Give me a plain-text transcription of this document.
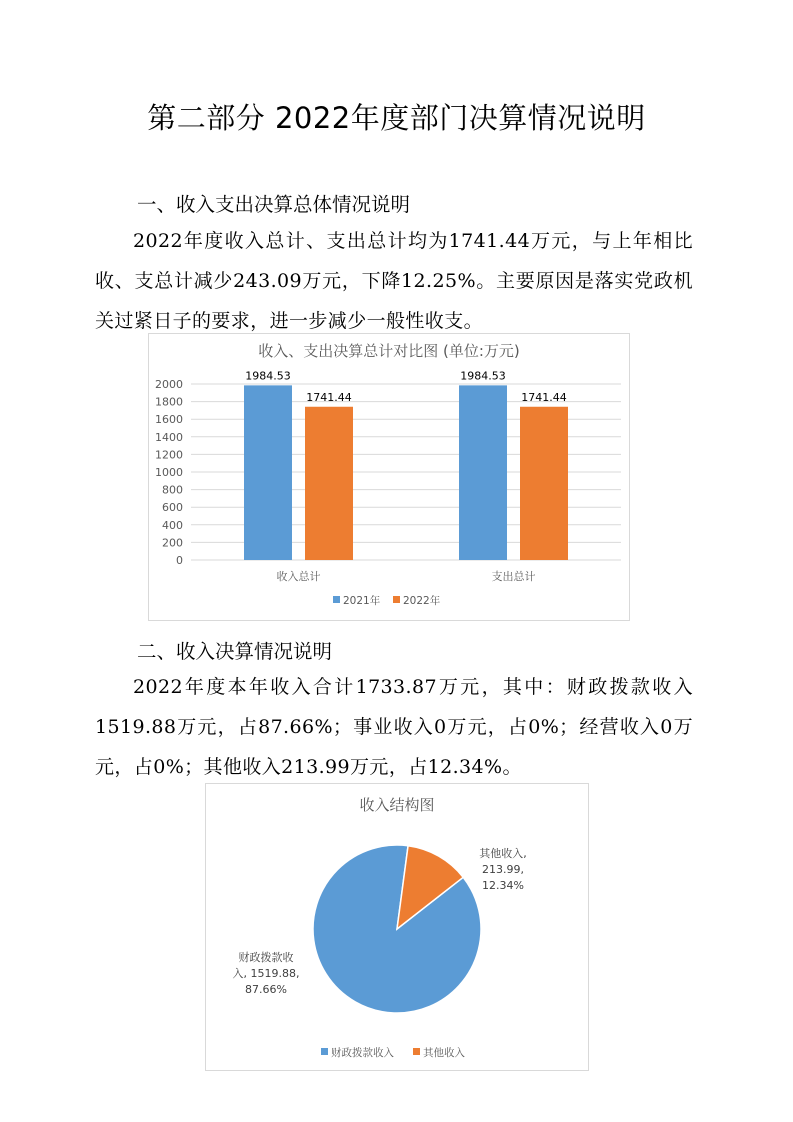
第二部分 2022年度部门决算情况说明
一、收入支出决算总体情况说明
2022年度收入总计、支出总计均为1741.44万元，与上年相比收、支总计减少243.09万元，下降12.25%。主要原因是落实党政机关过紧日子的要求，进一步减少一般性收支。
收入、支出决算总计对比图 (单位:万元)
2000
1800
1600
1400
1200
1000
800
600
400
200
0
1984.53
1741.44
收入总计
1984.53
1741.44
支出总计
2021年 2022年
二、收入决算情况说明
2022年度本年收入合计1733.87万元，其中：财政拨款收入1519.88万元，占87.66%；事业收入0万元，占0%；经营收入0万元，占0%；其他收入213.99万元，占12.34%。
收入结构图
财政拨款收
入, 1519.88,
87.66%
其他收入,
213.99,
12.34%
财政拨款收入	其他收入
